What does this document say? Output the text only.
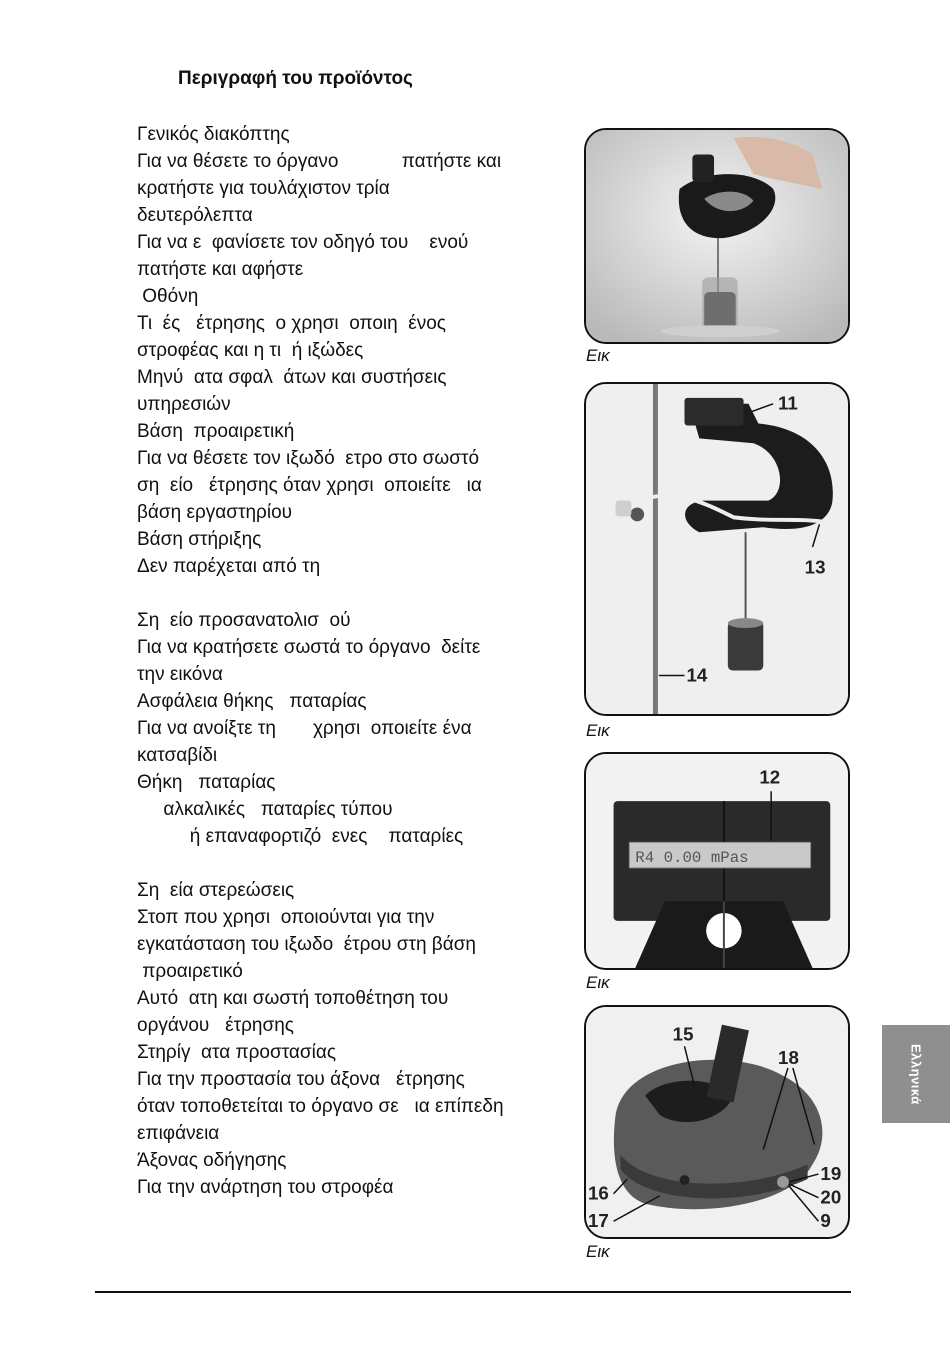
Περιγραφή του προϊόντος
Γενικός διακόπτης
Για να θέσετε το όργανο            πατήστε και
κρατήστε για τουλάχιστον τρία
δευτερόλεπτα
Για να ε  φανίσετε τον οδηγό του    ενού
πατήστε και αφήστε
Οθόνη
Τι  ές   έτρησης  ο χρησι  οποιη  ένος
στροφέας και η τι  ή ιξώδες
Μηνύ  ατα σφαλ  άτων και συστήσεις
υπηρεσιών
Βάση  προαιρετική
Για να θέσετε τον ιξωδό  ετρο στο σωστό
ση  είο   έτρησης όταν χρησι  οποιείτε   ια
βάση εργαστηρίου
Βάση στήριξης
Δεν παρέχεται από τη
Ση  είο προσανατολισ  ού
Για να κρατήσετε σωστά το όργανο  δείτε
την εικόνα
Ασφάλεια θήκης   παταρίας
Για να ανοίξτε τη       χρησι  οποιείτε ένα
κατσαβίδι
Θήκη   παταρίας
αλκαλικές   παταρίες τύπου
ή επαναφορτιζό  ενες    παταρίες
Ση  εία στερεώσεις
Στοπ που χρησι  οποιούνται για την
εγκατάσταση του ιξωδο  έτρου στη βάση
προαιρετικό
Αυτό  ατη και σωστή τοποθέτηση του
οργάνου   έτρησης
Στηρίγ  ατα προστασίας
Για την προστασία του άξονα   έτρησης
όταν τοποθετείται το όργανο σε   ια επίπεδη
επιφάνεια
Άξονας οδήγησης
Για την ανάρτηση του στροφέα
Εικ
11
13
14
Εικ
R4 0.00 mPas
12
Εικ
15
18
19
20
9
16
17
Εικ
Ελληνικά
